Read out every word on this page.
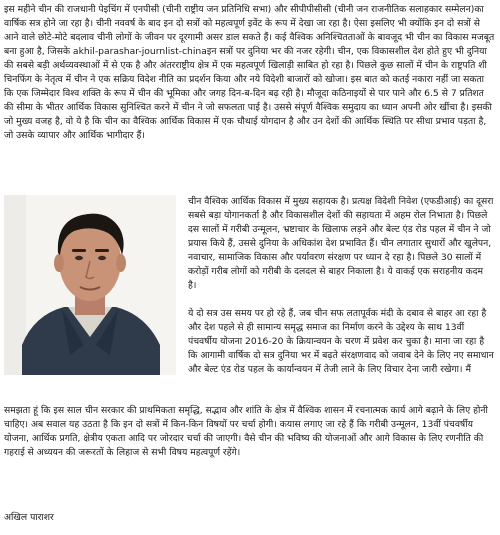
इस महीने चीन की राजधानी पेइचिंग में एनपीसी (चीनी राष्ट्रीय जन प्रतिनिधि सभा) और सीपीपीसीसी (चीनी जन राजनीतिक सलाहकार सम्मेलन)का वार्षिक सत्र होने जा रहा है। चीनी नववर्ष के बाद इन दो सत्रों को महत्वपूर्ण इवेंट के रूप में देखा जा रहा है। ऐसा इसलिए भी क्योंकि इन दो सत्रों से आने वाले छोटे-मोटे बदलाव चीनी लोगों के जीवन पर दूरगामी असर डाल सकते हैं। कई वैश्विक अनिश्चितताओं के बावजूद भी चीन का विकास मजबूत बना हुआ है, जिसके akhil-parashar-journlist-chinaइन सत्रों पर दुनिया भर की नजर रहेगी। चीन, एक विकासशील देश होते हुए भी दुनिया की सबसे बड़ी अर्थव्यवस्थाओं में से एक है और अंतरराष्ट्रीय क्षेत्र में एक महत्वपूर्ण खिलाड़ी साबित हो रहा है। पिछले कुछ सालों में चीन के राष्ट्रपति शी चिनफिंग के नेतृत्व में चीन ने एक सक्रिय विदेश नीति का प्रदर्शन किया और नये विदेशी बाजारों को खोजा। इस बात को कतई नकारा नहीं जा सकता कि एक जिम्मेदार विश्व शक्ति के रूप में चीन की भूमिका और जगह दिन-ब-दिन बढ़ रही है। मौजूदा कठिनाइयों से पार पाने और 6.5 से 7 प्रतिशत की सीमा के भीतर आर्थिक विकास सुनिश्चित करने में चीन ने जो सफलता पाई है। उससे संपूर्ण वैश्विक समुदाय का ध्यान अपनी ओर खींचा है। इसकी जो मुख्य वजह है, वो ये है कि चीन का वैश्विक आर्थिक विकास में एक चौथाई योगदान है और उन देशों की आर्थिक स्थिति पर सीधा प्रभाव पड़ता है, जो उसके व्यापार और आर्थिक भागीदार हैं।

चीन वैश्विक आर्थिक विकास में मुख्य सहायक है। प्रत्यक्ष विदेशी निवेश (एफडीआई) का दूसरा सबसे बड़ा योगानकर्ता है और विकासशील देशों की सहायता में अहम रोल निभाता है। पिछले दस सालों में गरीबी उन्मूलन, भ्रष्टाचार के खिलाफ लड़ने और बेल्ट एंड रोड पहल में चीन ने जो प्रयास किये हैं, उससे दुनिया के अधिकांश देश प्रभावित हैं। चीन लगातार सुधारों और खुलेपन, नवाचार, सामाजिक विकास और पर्यावरण संरक्षण पर ध्यान दे रहा है। पिछले 30 सालों में करोड़ों गरीब लोगों को गरीबी के दलदल से बाहर निकाला है। ये वाकई एक सराहनीय कदम है।

ये दो सत्र उस समय पर हो रहे हैं, जब चीन सफ लतापूर्वक मंदी के दबाव से बाहर आ रहा है और देश पहले से ही सामान्य समृद्ध समाज का निर्माण करने के उद्देश्य के साथ 13वीं पंचवर्षीय योजना 2016-20 के क्रियान्वयन के चरण में प्रवेश कर चुका है। माना जा रहा है कि आगामी वार्षिक दो सत्र दुनिया भर में बढ़ते संरक्षणवाद को जवाब देने के लिए नए समाधान और बेल्ट एंड रोड पहल के कार्यान्वयन में तेजी लाने के लिए विचार देना जारी रखेगा। मैं

समझता हूं कि इस साल चीन सरकार की प्राथमिकता समृद्धि, सद्भाव और शांति के क्षेत्र में वैश्विक शासन में रचनात्मक कार्य आगे बढ़ाने के लिए होनी चाहिए। अब सवाल यह उठता है कि इन दो सत्रों में किन-किन विषयों पर चर्चा होगी। कयास लगाए जा रहे हैं कि गरीबी उन्मूलन, 13वीं पंचवर्षीय योजना, आर्थिक प्रगति, क्षेत्रीय एकता आदि पर जोरदार चर्चा की जाएगी। वैसे चीन की भविष्य की योजनाओं और आगे विकास के लिए रणनीति की गहराई से अध्ययन की जरूरतों के लिहाज से सभी विषय महत्वपूर्ण रहेंगे।

अखिल पाराशर
